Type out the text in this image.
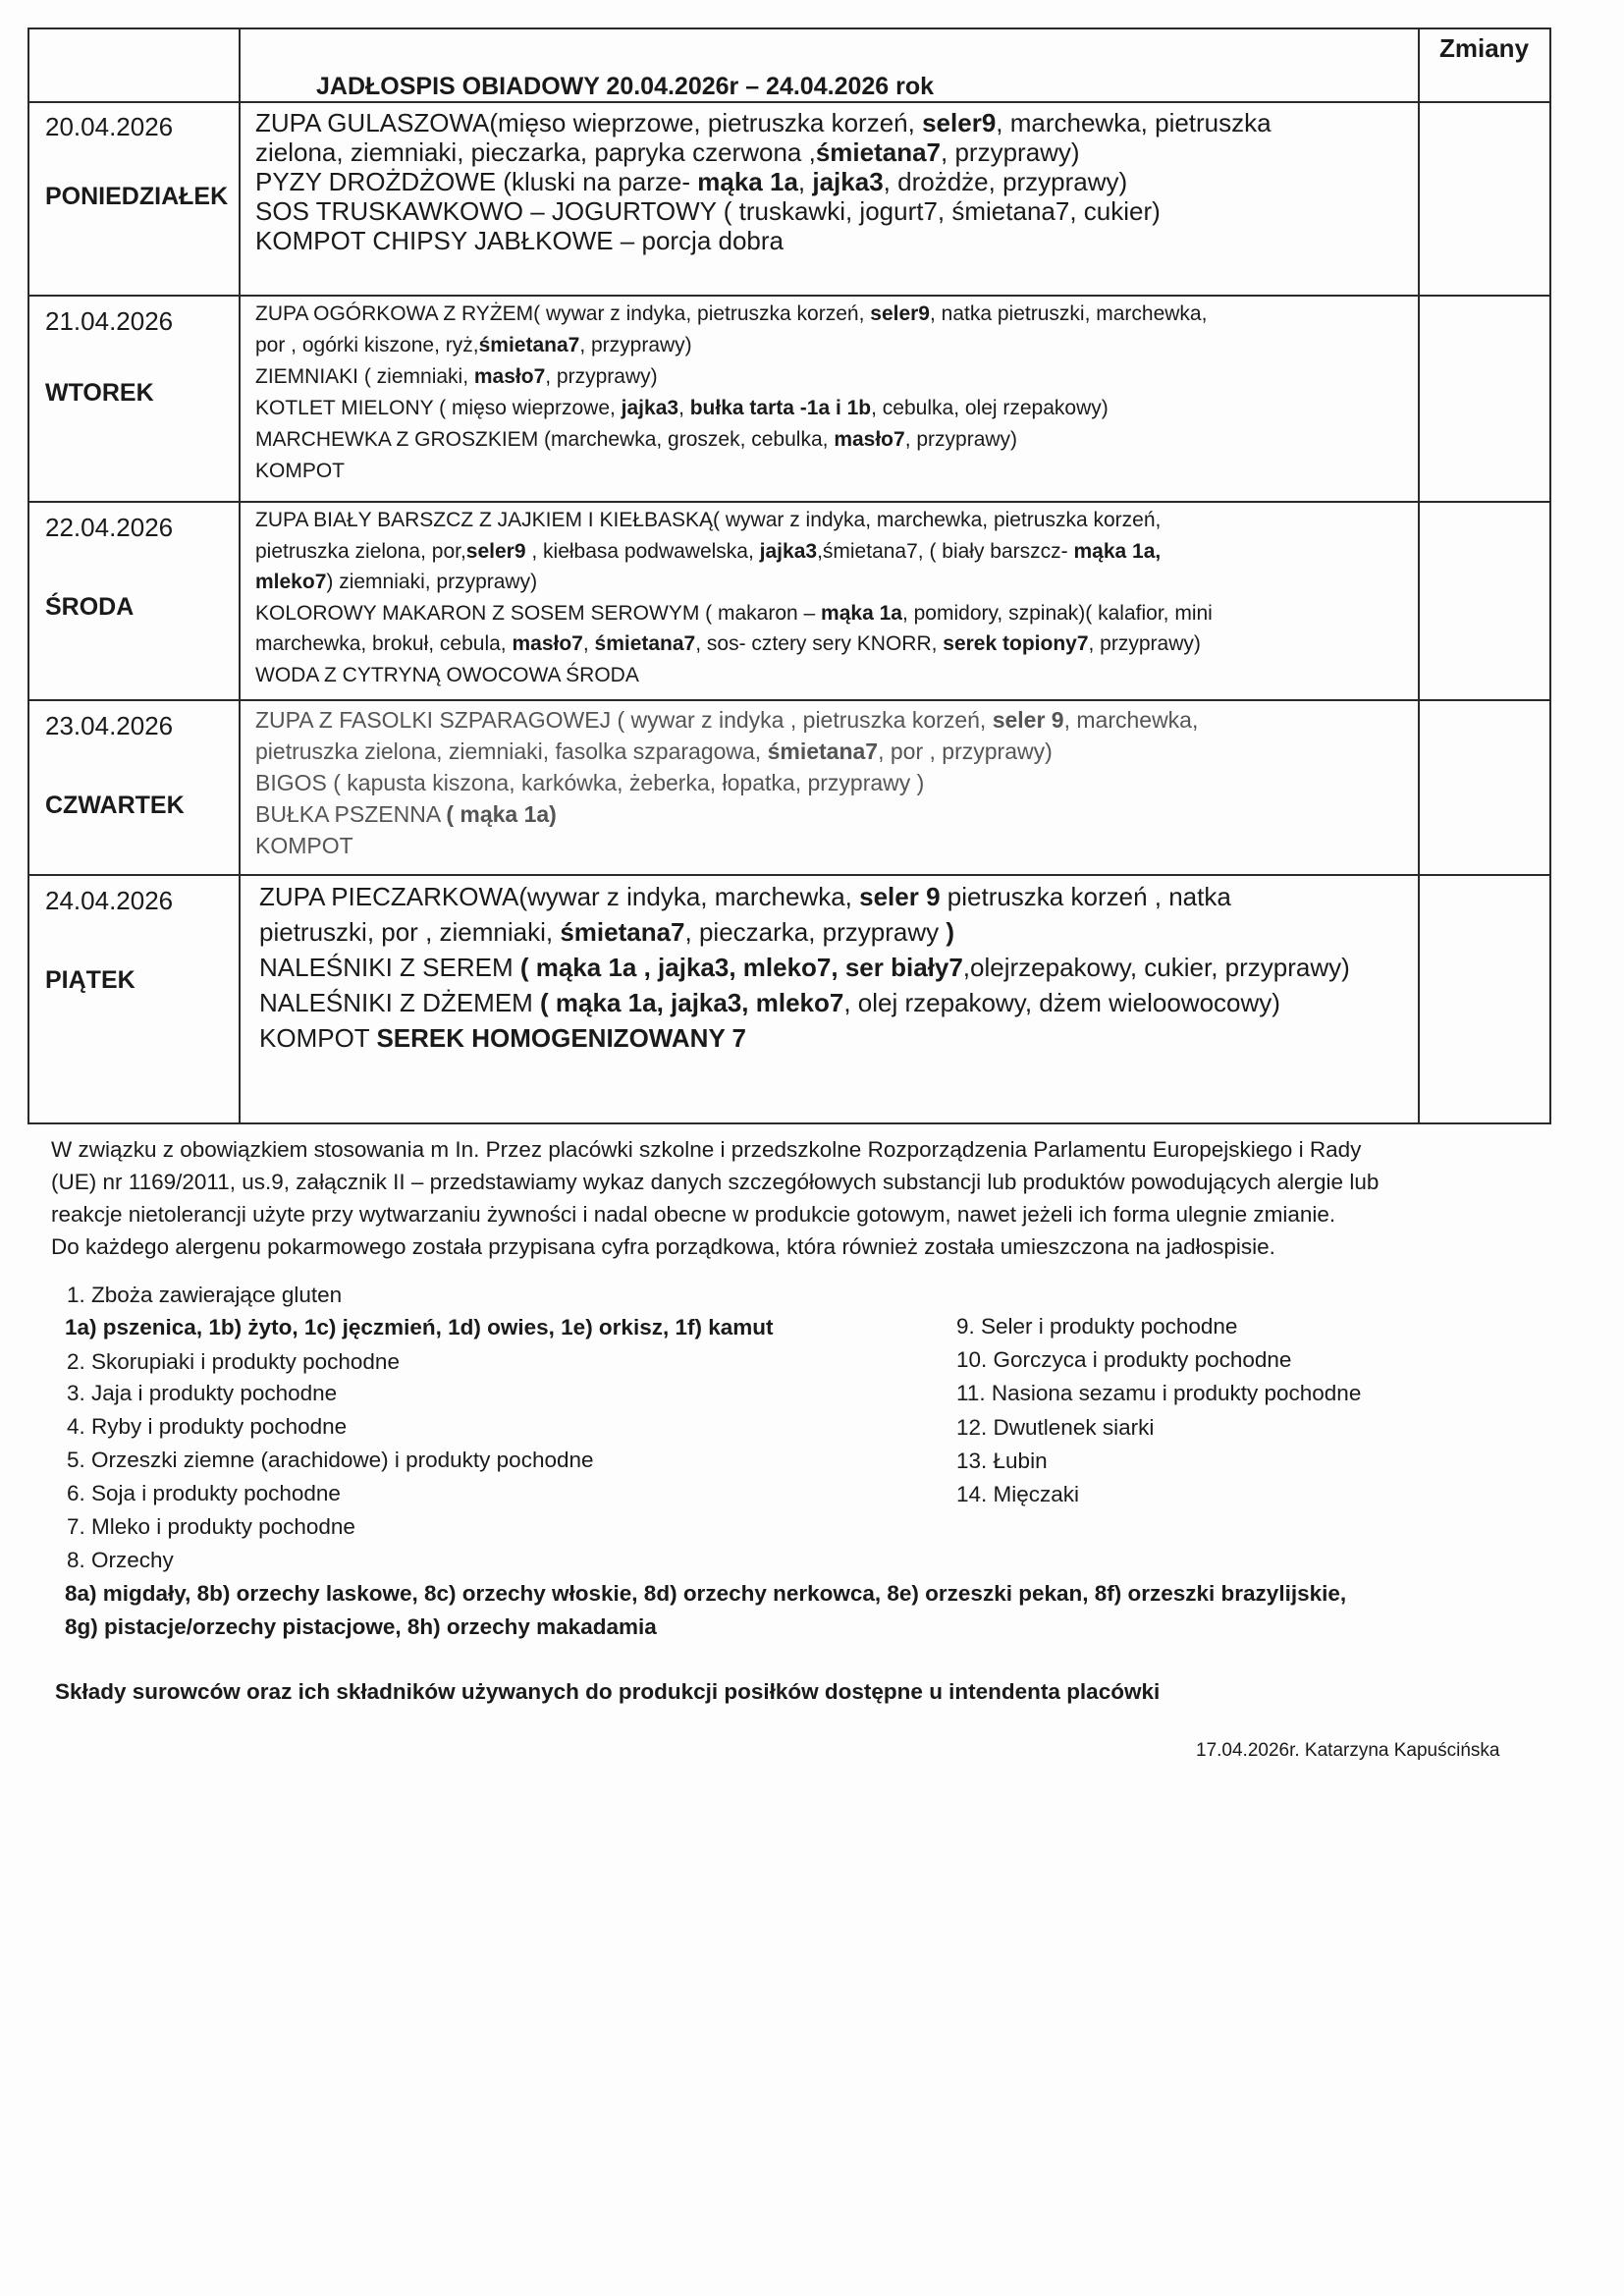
JADŁOSPIS OBIADOWY 20.04.2026r – 24.04.2026 rok
Zmiany
20.04.2026
PONIEDZIAŁEK
ZUPA GULASZOWA(mięso wieprzowe, pietruszka korzeń, seler9, marchewka, pietruszka
zielona, ziemniaki, pieczarka, papryka czerwona ,śmietana7, przyprawy)
PYZY DROŻDŻOWE (kluski na parze- mąka 1a, jajka3, drożdże, przyprawy)
SOS TRUSKAWKOWO – JOGURTOWY ( truskawki, jogurt7, śmietana7, cukier)
KOMPOT CHIPSY JABŁKOWE – porcja dobra
21.04.2026
WTOREK
ZUPA OGÓRKOWA Z RYŻEM( wywar z indyka, pietruszka korzeń, seler9, natka pietruszki, marchewka,
por , ogórki kiszone, ryż,śmietana7, przyprawy)
ZIEMNIAKI ( ziemniaki, masło7, przyprawy)
KOTLET MIELONY ( mięso wieprzowe, jajka3, bułka tarta -1a i 1b, cebulka, olej rzepakowy)
MARCHEWKA Z GROSZKIEM (marchewka, groszek, cebulka, masło7, przyprawy)
KOMPOT
22.04.2026
ŚRODA
ZUPA BIAŁY BARSZCZ Z JAJKIEM I KIEŁBASKĄ( wywar z indyka, marchewka, pietruszka korzeń,
pietruszka zielona, por,seler9 , kiełbasa podwawelska, jajka3,śmietana7, ( biały barszcz- mąka 1a,
mleko7) ziemniaki, przyprawy)
KOLOROWY MAKARON Z SOSEM SEROWYM ( makaron – mąka 1a, pomidory, szpinak)( kalafior, mini
marchewka, brokuł, cebula, masło7, śmietana7, sos- cztery sery KNORR, serek topiony7, przyprawy)
WODA Z CYTRYNĄ OWOCOWA ŚRODA
23.04.2026
CZWARTEK
ZUPA Z FASOLKI SZPARAGOWEJ ( wywar z indyka , pietruszka korzeń, seler 9, marchewka,
pietruszka zielona, ziemniaki, fasolka szparagowa, śmietana7, por , przyprawy)
BIGOS ( kapusta kiszona, karkówka, żeberka, łopatka, przyprawy )
BUŁKA PSZENNA ( mąka 1a)
KOMPOT
24.04.2026
PIĄTEK
ZUPA PIECZARKOWA(wywar z indyka, marchewka, seler 9 pietruszka korzeń , natka
pietruszki, por , ziemniaki, śmietana7, pieczarka, przyprawy )
NALEŚNIKI Z SEREM ( mąka 1a , jajka3, mleko7, ser biały7,olejrzepakowy, cukier, przyprawy)
NALEŚNIKI Z DŻEMEM ( mąka 1a, jajka3, mleko7, olej rzepakowy, dżem wieloowocowy)
KOMPOT SEREK HOMOGENIZOWANY 7
W związku z obowiązkiem stosowania m In. Przez placówki szkolne i przedszkolne Rozporządzenia Parlamentu Europejskiego i Rady
(UE) nr 1169/2011, us.9, załącznik II – przedstawiamy wykaz danych szczegółowych substancji lub produktów powodujących alergie lub
reakcje nietolerancji użyte przy wytwarzaniu żywności i nadal obecne w produkcie gotowym, nawet jeżeli ich forma ulegnie zmianie.
Do każdego alergenu pokarmowego została przypisana cyfra porządkowa, która również została umieszczona na jadłospisie.
1. Zboża zawierające gluten
1a) pszenica, 1b) żyto, 1c) jęczmień, 1d) owies, 1e) orkisz, 1f) kamut
2. Skorupiaki i produkty pochodne
3. Jaja i produkty pochodne
4. Ryby i produkty pochodne
5. Orzeszki ziemne (arachidowe) i produkty pochodne
6. Soja i produkty pochodne
7. Mleko i produkty pochodne
8. Orzechy
9. Seler i produkty pochodne
10. Gorczyca i produkty pochodne
11. Nasiona sezamu i produkty pochodne
12. Dwutlenek siarki
13. Łubin
14. Mięczaki
8a) migdały, 8b) orzechy laskowe, 8c) orzechy włoskie, 8d) orzechy nerkowca, 8e) orzeszki pekan, 8f) orzeszki brazylijskie,
8g) pistacje/orzechy pistacjowe, 8h) orzechy makadamia
Składy surowców oraz ich składników używanych do produkcji posiłków dostępne u intendenta placówki
17.04.2026r. Katarzyna Kapuścińska
